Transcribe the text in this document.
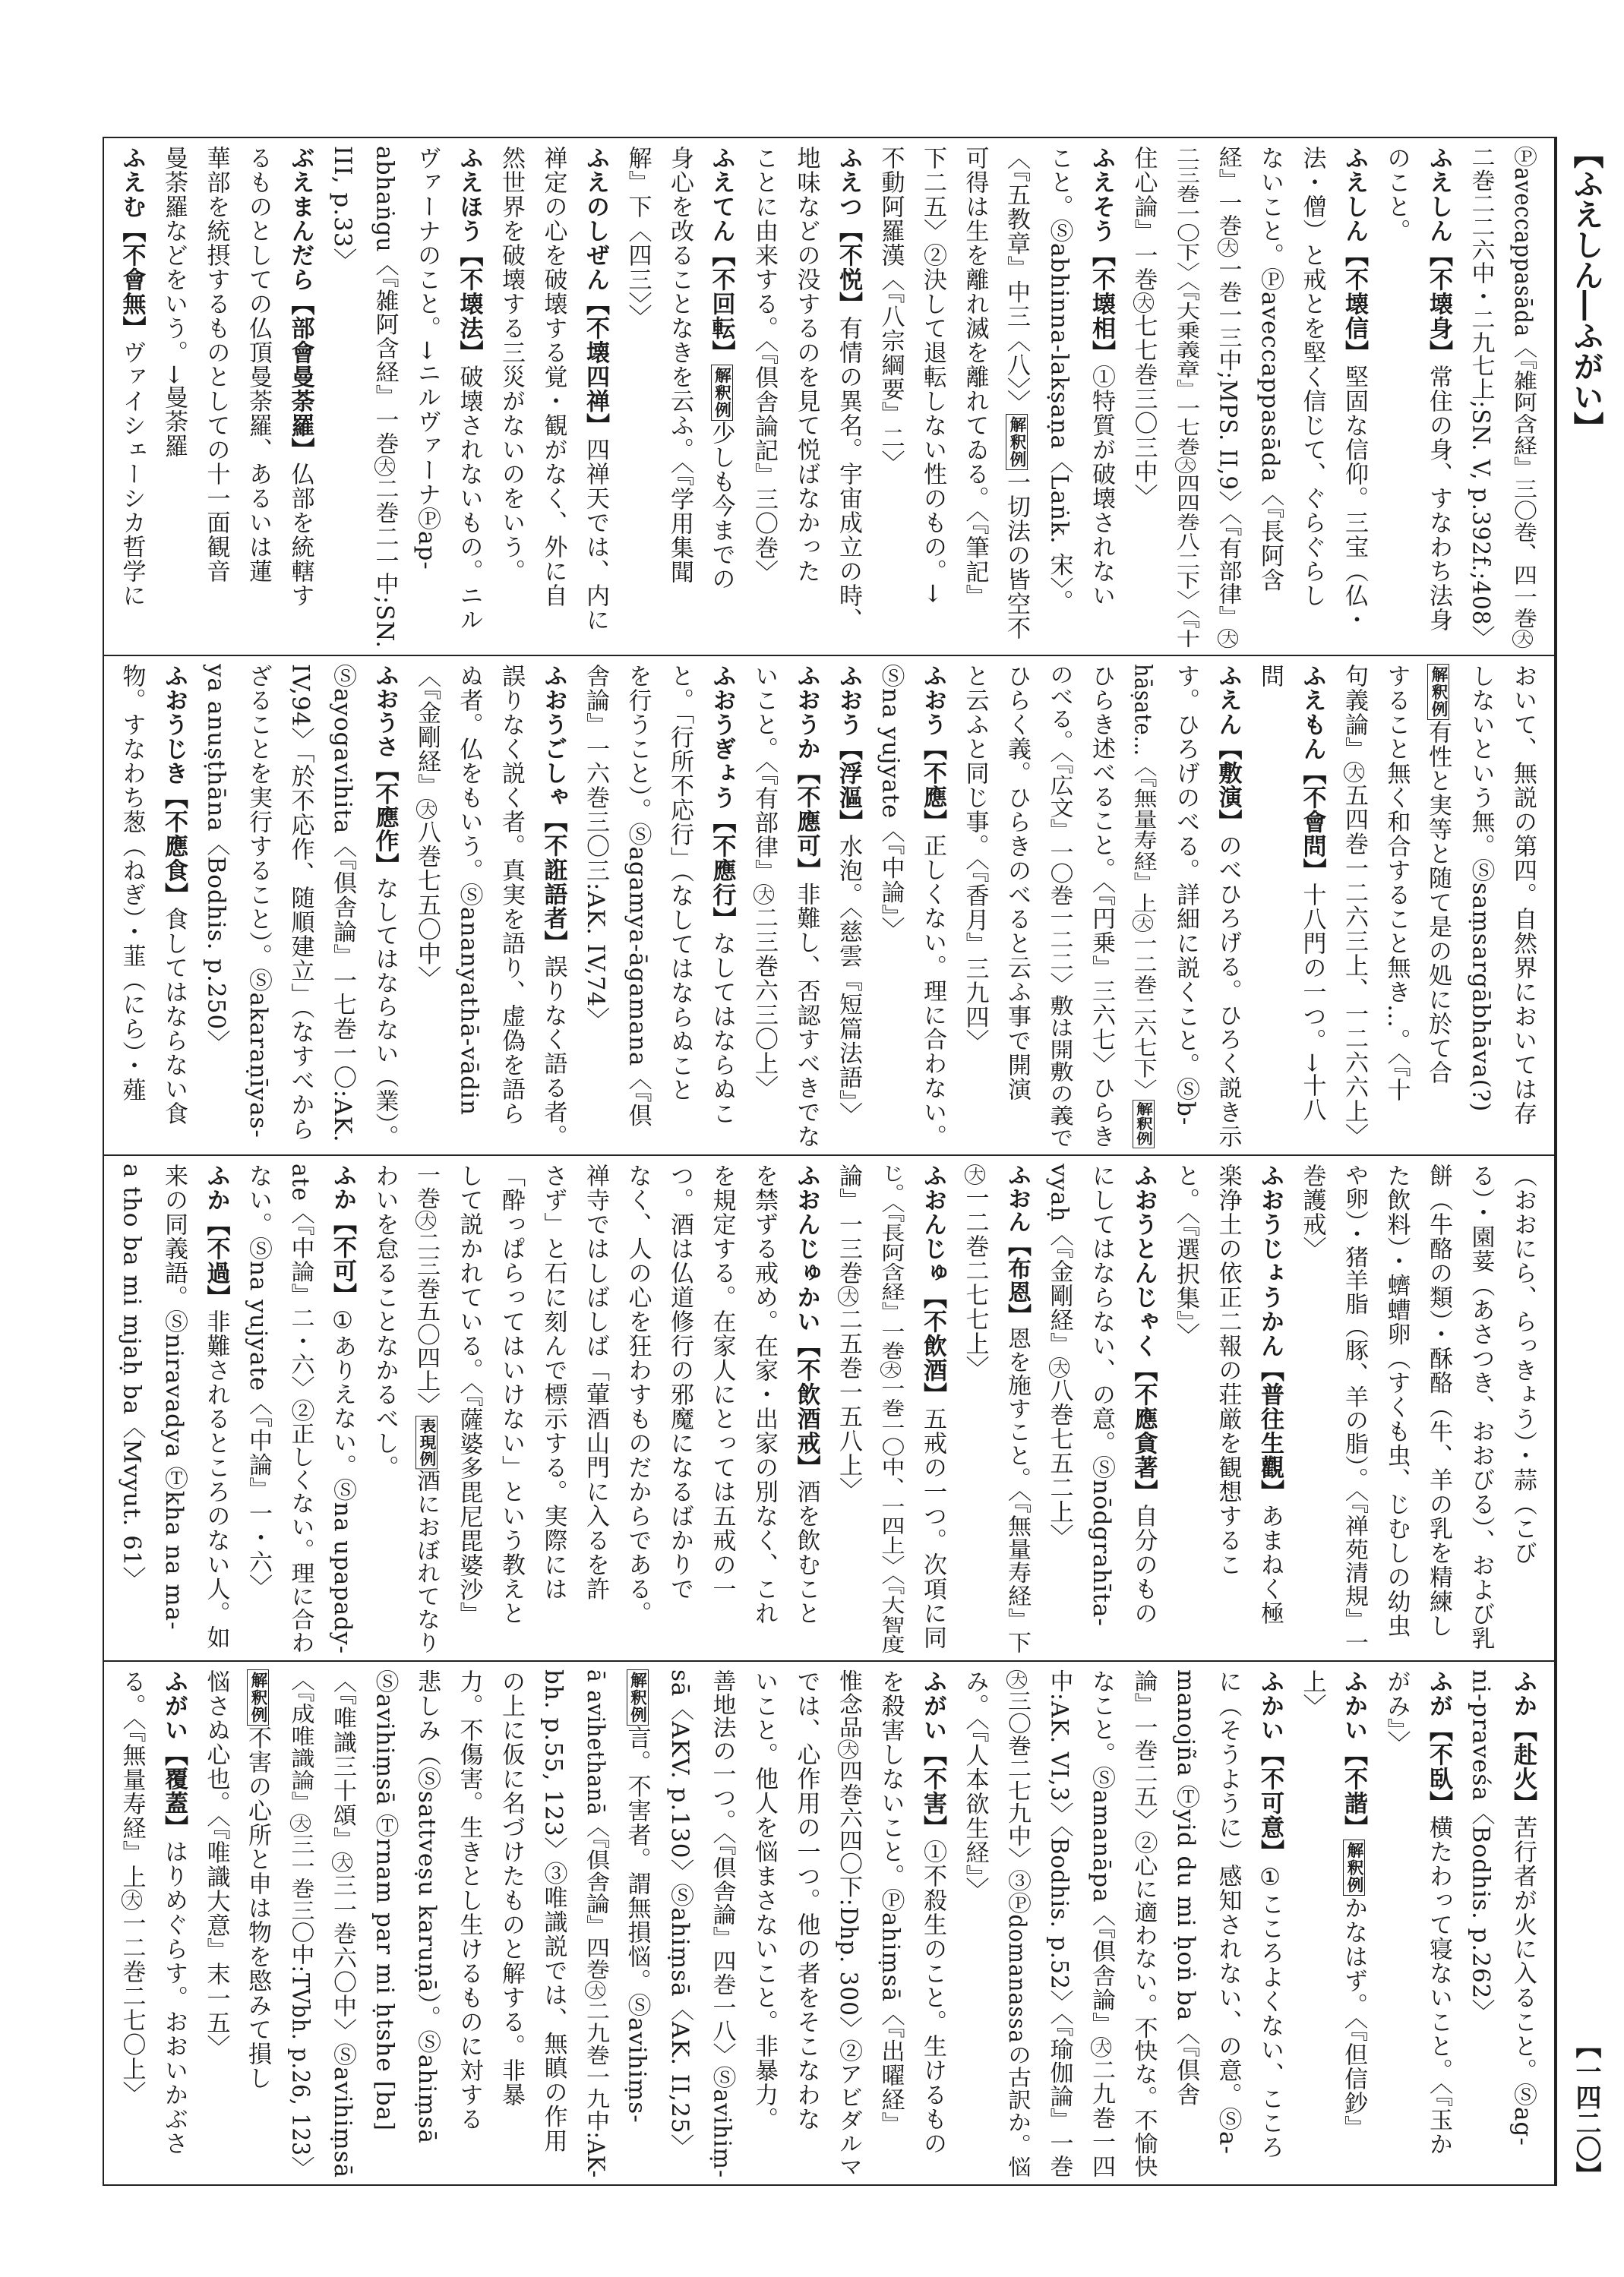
【ふえしん―ふがい】
【一四二〇】
Ⓟaveccappasāda〈『雑阿含経』三〇巻、四一巻大
二巻二二六中・二九七上;SN. V, p.392f.;408〉
ふえしん【不壊身】常住の身、すなわち法身
のこと。
ふえしん【不壊信】堅固な信仰。三宝（仏・
法・僧）と戒とを堅く信じて、ぐらぐらし
ないこと。Ⓟaveccappasāda〈『長阿含
経』一巻大一巻一三中;MPS. II,9〉〈『有部律』大
二三巻一〇下〉〈『大乗義章』一七巻大四四巻八二下〉〈『十
住心論』一巻大七七巻三〇三中〉
ふえそう【不壊相】①特質が破壊されない
こと。Ⓢabhinna-lakṣaṇa〈Laṅk. 宋〉。
〈『五教章』中三〈八〉〉解釈例一切法の皆空不
可得は生を離れ滅を離れてゐる。〈『筆記』
下二五〉②決して退転しない性のもの。→
不動阿羅漢〈『八宗綱要』二〉
ふえつ【不悦】有情の異名。宇宙成立の時、
地味などの没するのを見て悦ばなかった
ことに由来する。〈『倶舎論記』三〇巻〉
ふえてん【不回転】解釈例少しも今までの
身心を改ることなきを云ふ。〈『学用集聞
解』下〈四三〉〉
ふえのしぜん【不壊四禅】四禅天では、内に
禅定の心を破壊する覚・観がなく、外に自
然世界を破壊する三災がないのをいう。
ふえほう【不壊法】破壊されないもの。ニル
ヴァーナのこと。→ニルヴァーナⓅap-
abhaṅgu〈『雑阿含経』一巻大二巻二一中;SN.
III, p.33〉
ぶえまんだら【部會曼荼羅】仏部を統轄す
るものとしての仏頂曼荼羅、あるいは蓮
華部を統摂するものとしての十一面観音
曼荼羅などをいう。→曼荼羅
ふえむ【不會無】ヴァイシェーシカ哲学に
おいて、無説の第四。自然界においては存
しないという無。Ⓢsaṃsargābhāva(?)
解釈例有性と実等と随て是の処に於て合
すること無く和合すること無き…。〈『十
句義論』大五四巻一二六三上、一二六六上〉
ふえもん【不會問】十八門の一つ。→十八
問
ふえん【敷演】のべひろげる。ひろく説き示
す。ひろげのべる。詳細に説くこと。Ⓢb-
hāṣate…〈『無量寿経』上大一二巻二六七下〉解釈例
ひらき述べること。〈『円乗』三六七〉ひらき
のべる。〈『広文』一〇巻一二二〉敷は開敷の義で
ひらく義。ひらきのべると云ふ事で開演
と云ふと同じ事。〈『香月』三九四〉
ふおう【不應】正しくない。理に合わない。
Ⓢna yujyate〈『中論』〉
ふおう【浮漚】水泡。〈慈雲『短篇法語』〉
ふおうか【不應可】非難し、否認すべきでな
いこと。〈『有部律』大二三巻六三〇上〉
ふおうぎょう【不應行】なしてはならぬこ
と。「行所不応行」（なしてはならぬこと
を行うこと）。Ⓢagamya-āgamana〈『倶
舎論』一六巻三〇三:AK. IV,74〉
ふおうごしゃ【不誑語者】誤りなく語る者。
誤りなく説く者。真実を語り、虚偽を語ら
ぬ者。仏をもいう。Ⓢananyathā-vādin
〈『金剛経』大八巻七五〇中〉
ふおうさ【不應作】なしてはならない（業）。
Ⓢayogavihita〈『倶舎論』一七巻一〇:AK.
IV,94〉「於不応作、随順建立」（なすべから
ざることを実行すること）。Ⓢakaraṇīyas-
ya anuṣṭhāna〈Bodhis. p.250〉
ふおうじき【不應食】食してはならない食
物。すなわち葱（ねぎ）・韮（にら）・薤
（おおにら、らっきょう）・蒜（こび
る）・園荽（あさつき、おおびる）、および乳
餅（牛酪の類）・酥酪（牛、羊の乳を精練し
た飲料）・蠐螬卵（すくも虫、じむしの幼虫
や卵）・猪羊脂（豚、羊の脂）。〈『禅苑清規』一
巻護戒〉
ふおうじょうかん【普往生觀】あまねく極
楽浄土の依正二報の荘厳を観想するこ
と。〈『選択集』〉
ふおうとんじゃく【不應貪著】自分のもの
にしてはならない、の意。Ⓢnōdgrahīta-
vyaḥ〈『金剛経』大八巻七五二上〉
ふおん【布恩】恩を施すこと。〈『無量寿経』下
大一二巻二七七上〉
ふおんじゅ【不飲酒】五戒の一つ。次項に同
じ。〈『長阿含経』一巻大一巻一〇中、一四上〉〈『大智度
論』一三巻大二五巻一五八上〉
ふおんじゅかい【不飲酒戒】酒を飲むこと
を禁ずる戒め。在家・出家の別なく、これ
を規定する。在家人にとっては五戒の一
つ。酒は仏道修行の邪魔になるばかりで
なく、人の心を狂わすものだからである。
禅寺ではしばしば「葷酒山門に入るを許
さず」と石に刻んで標示する。実際には
「酔っぱらってはいけない」という教えと
して説かれている。〈『薩婆多毘尼毘婆沙』
一巻大二三巻五〇四上〉表現例酒におぼれてなり
わいを怠ることなかるべし。
ふか【不可】①ありえない。Ⓢna upapady-
ate〈『中論』二・六〉②正しくない。理に合わ
ない。Ⓢna yujyate〈『中論』一・六〉
ふか【不過】非難されるところのない人。如
来の同義語。Ⓢniravadya Ⓣkha na ma-
a tho ba mi mjaḥ ba〈Mvyut. 61〉
ふか【赴火】苦行者が火に入ること。Ⓢag-
ni-praveśa〈Bodhis. p.262〉
ふが【不臥】横たわって寝ないこと。〈『玉か
がみ』〉
ふかい【不諧】解釈例かなはず。〈『但信鈔』
上〉
ふかい【不可意】①こころよくない、こころ
に（そうように）感知されない、の意。Ⓢa-
manojña Ⓣyid du mi ḥoṅ ba〈『倶舎
論』一巻二五〉②心に適わない。不快な。不愉快
なこと。Ⓢamanāpa〈『倶舎論』大二九巻一四
中:AK. VI,3〉〈Bodhis. p.52〉〈『瑜伽論』一巻
大三〇巻二七九中〉③Ⓟdomanassaの古訳か。悩
み。〈『人本欲生経』〉
ふがい【不害】①不殺生のこと。生けるもの
を殺害しないこと。Ⓟahiṃsā〈『出曜経』
惟念品大四巻六四〇下:Dhp. 300〉②アビダルマ
では、心作用の一つ。他の者をそこなわな
いこと。他人を悩まさないこと。非暴力。
善地法の一つ。〈『倶舎論』四巻一八〉Ⓢavihiṃ-
sā〈AKV. p.130〉Ⓢahiṃsā〈AK. II,25〉
解釈例言。不害者。謂無損悩。Ⓢavihiṃs-
ā avihethanā〈『倶舎論』四巻大二九巻一九中:AK-
bh. p.55, 123〉③唯識説では、無瞋の作用
の上に仮に名づけたものと解する。非暴
力。不傷害。生きとし生けるものに対する
悲しみ（Ⓢsattveṣu karuṇā）。Ⓢahiṃsā
Ⓢavihiṃsā Ⓣrnam par mi ḥtshe [ba]
〈『唯識三十頌』大三一巻六〇中〉Ⓢavihiṃsā
〈『成唯識論』大三一巻三〇中:TVbh. p.26, 123〉
解釈例不害の心所と申は物を愍みて損し
悩さぬ心也。〈『唯識大意』末一五〉
ふがい【覆蓋】はりめぐらす。おおいかぶさ
る。〈『無量寿経』上大一二巻二七〇上〉
